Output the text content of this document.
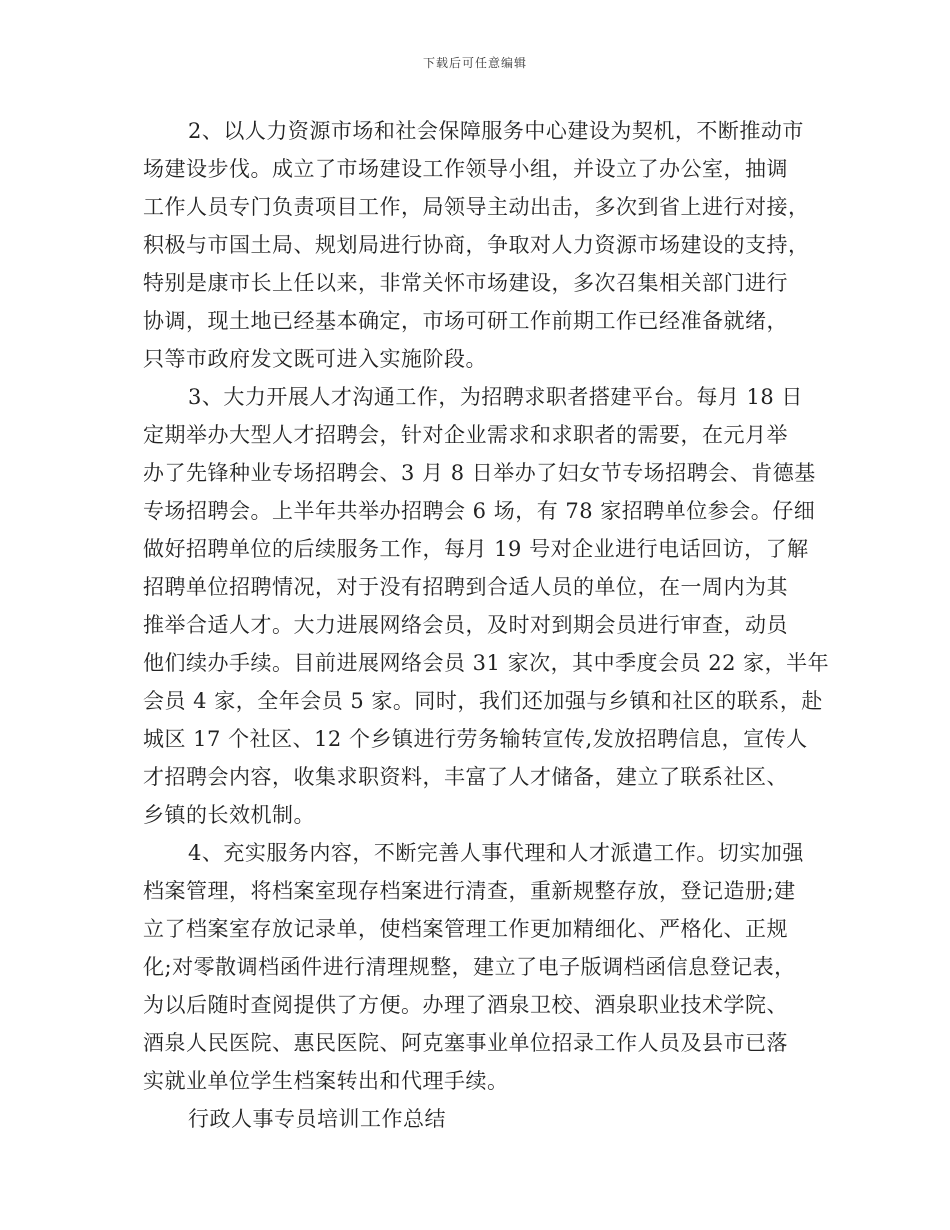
下载后可任意编辑
2、以人力资源市场和社会保障服务中心建设为契机，不断推动市
场建设步伐。成立了市场建设工作领导小组，并设立了办公室，抽调
工作人员专门负责项目工作，局领导主动出击，多次到省上进行对接，
积极与市国土局、规划局进行协商，争取对人力资源市场建设的支持，
特别是康市长上任以来，非常关怀市场建设，多次召集相关部门进行
协调，现土地已经基本确定，市场可研工作前期工作已经准备就绪，
只等市政府发文既可进入实施阶段。
3、大力开展人才沟通工作，为招聘求职者搭建平台。每月 18 日
定期举办大型人才招聘会，针对企业需求和求职者的需要，在元月举
办了先锋种业专场招聘会、3 月 8 日举办了妇女节专场招聘会、肯德基
专场招聘会。上半年共举办招聘会 6 场，有 78 家招聘单位参会。仔细
做好招聘单位的后续服务工作，每月 19 号对企业进行电话回访，了解
招聘单位招聘情况，对于没有招聘到合适人员的单位，在一周内为其
推举合适人才。大力进展网络会员，及时对到期会员进行审查，动员
他们续办手续。目前进展网络会员 31 家次，其中季度会员 22 家，半年
会员 4 家，全年会员 5 家。同时，我们还加强与乡镇和社区的联系，赴
城区 17 个社区、12 个乡镇进行劳务输转宣传,发放招聘信息，宣传人
才招聘会内容，收集求职资料，丰富了人才储备，建立了联系社区、
乡镇的长效机制。
4、充实服务内容，不断完善人事代理和人才派遣工作。切实加强
档案管理，将档案室现存档案进行清查，重新规整存放，登记造册;建
立了档案室存放记录单，使档案管理工作更加精细化、严格化、正规
化;对零散调档函件进行清理规整，建立了电子版调档函信息登记表，
为以后随时查阅提供了方便。办理了酒泉卫校、酒泉职业技术学院、
酒泉人民医院、惠民医院、阿克塞事业单位招录工作人员及县市已落
实就业单位学生档案转出和代理手续。
行政人事专员培训工作总结
